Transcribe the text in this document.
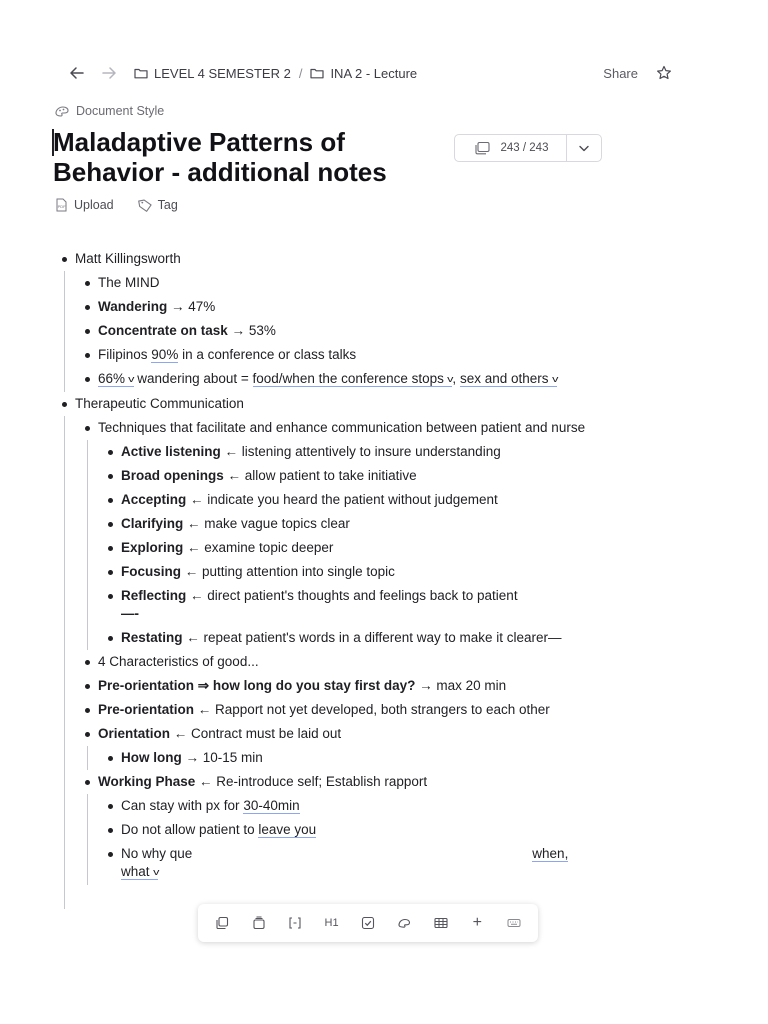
LEVEL 4 SEMESTER 2 / INA 2 - Lecture	Share
Document Style
Maladaptive Patterns of
Behavior - additional notes
243 / 243
PDF Upload	Tag
Matt Killingsworth
The MIND
Wandering → 47%
Concentrate on task → 53%
Filipinos 90% in a conference or class talks
66% v wandering about = food/when the conference stops v, sex and others v
Therapeutic Communication
Techniques that facilitate and enhance communication between patient and nurse
Active listening ← listening attentively to insure understanding
Broad openings ← allow patient to take initiative
Accepting ← indicate you heard the patient without judgement
Clarifying ← make vague topics clear
Exploring ← examine topic deeper
Focusing ← putting attention into single topic
Reflecting ← direct patient's thoughts and feelings back to patient
—-
Restating ← repeat patient's words in a different way to make it clearer—
4 Characteristics of good...
Pre-orientation ⇒ how long do you stay first day? → max 20 min
Pre-orientation ← Rapport not yet developed, both strangers to each other
Orientation ← Contract must be laid out
How long → 10-15 min
Working Phase ← Re-introduce self; Establish rapport
Can stay with px for 30-40min
Do not allow patient to leave you
No why que	when,
what v
H1	+
